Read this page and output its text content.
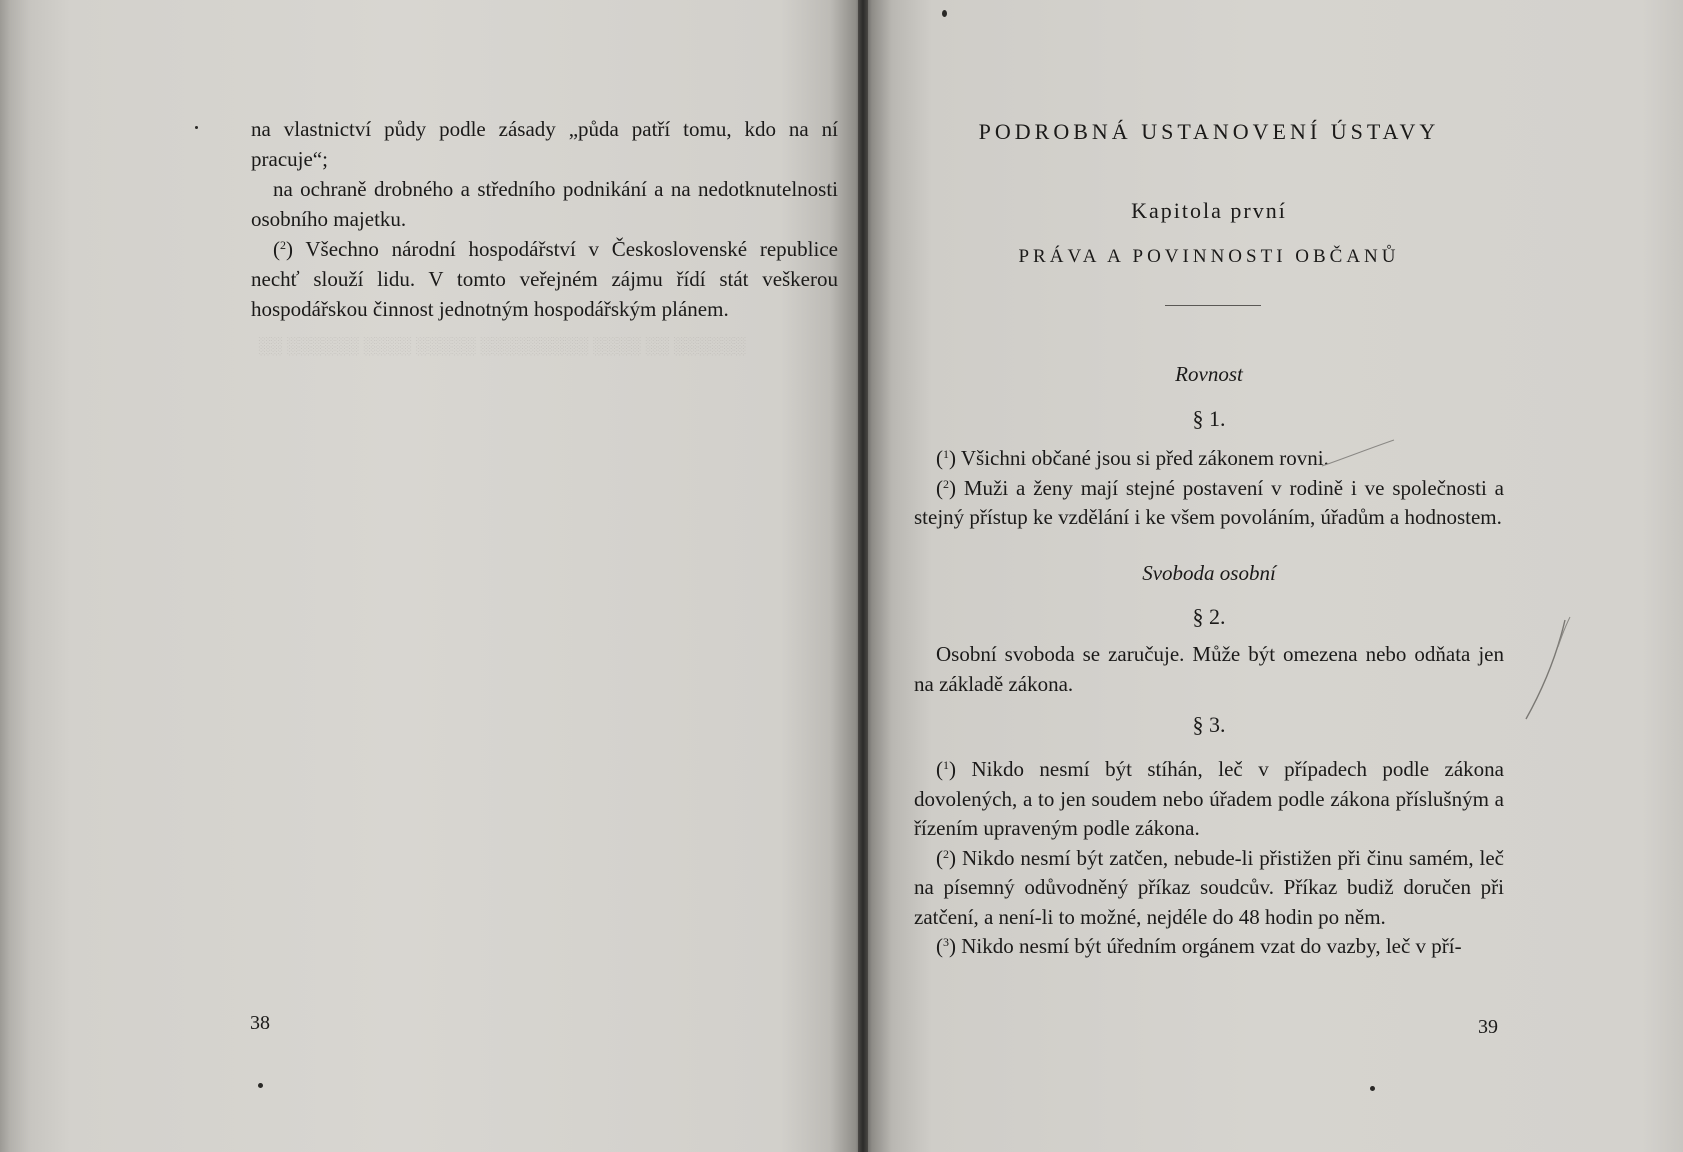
░░ ░░░░░░ ░░░░ ░░░░░ ░░░░░░░░░ ░░░░ ░░ ░░░░░░

na vlastnictví půdy podle zásady „půda patří tomu, kdo na ní pracuje“;

na ochraně drobného a středního podnikání a na nedotknutelnosti osobního majetku.

($^2$) Všechno národní hospodářství v Československé republice nechť slouží lidu. V tomto veřejném zájmu řídí stát veškerou hospodářskou činnost jednotným hospodářským plánem.

38
PODROBNÁ USTANOVENÍ ÚSTAVY
Kapitola první
PRÁVA A POVINNOSTI OBČANŮ
Rovnost
§ 1.

($^1$) Všichni občané jsou si před zákonem rovni.

($^2$) Muži a ženy mají stejné postavení v rodině i ve společnosti a stejný přístup ke vzdělání i ke všem povoláním, úřadům a hodnostem.

Svoboda osobní
§ 2.

Osobní svoboda se zaručuje. Může být omezena nebo odňata jen na základě zákona.

§ 3.

($^1$) Nikdo nesmí být stíhán, leč v případech podle zákona dovolených, a to jen soudem nebo úřadem podle zákona příslušným a řízením upraveným podle zákona.

($^2$) Nikdo nesmí být zatčen, nebude-li přistižen při činu samém, leč na písemný odůvodněný příkaz soudcův. Příkaz budiž doručen při zatčení, a není-li to možné, nejdéle do 48 hodin po něm.

($^3$) Nikdo nesmí být úředním orgánem vzat do vazby, leč v pří-

39
